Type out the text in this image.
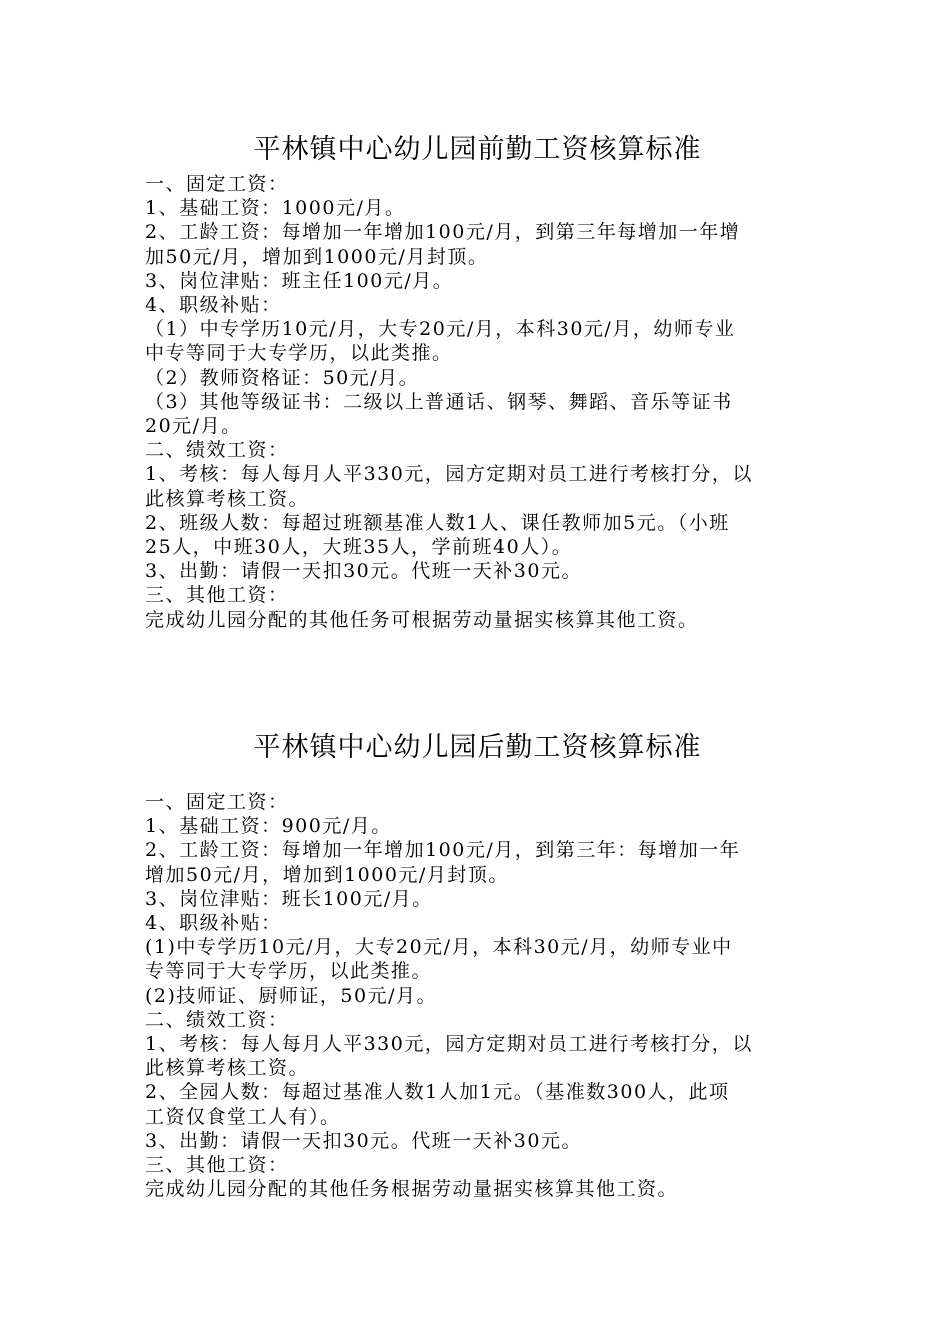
平林镇中心幼儿园前勤工资核算标准

一、固定工资：

1、基础工资：1000元/月。

2、工龄工资：每增加一年增加100元/月，到第三年每增加一年增

加50元/月，增加到1000元/月封顶。

3、岗位津贴：班主任100元/月。

4、职级补贴：

（1）中专学历10元/月，大专20元/月，本科30元/月，幼师专业

中专等同于大专学历，以此类推。

（2）教师资格证：50元/月。

（3）其他等级证书：二级以上普通话、钢琴、舞蹈、音乐等证书

20元/月。

二、绩效工资：

1、考核：每人每月人平330元，园方定期对员工进行考核打分，以

此核算考核工资。

2、班级人数：每超过班额基准人数1人、课任教师加5元。（小班

25人，中班30人，大班35人，学前班40人）。

3、出勤：请假一天扣30元。代班一天补30元。

三、其他工资：

完成幼儿园分配的其他任务可根据劳动量据实核算其他工资。

平林镇中心幼儿园后勤工资核算标准

一、固定工资：

1、基础工资：900元/月。

2、工龄工资：每增加一年增加100元/月，到第三年：每增加一年

增加50元/月，增加到1000元/月封顶。

3、岗位津贴：班长100元/月。

4、职级补贴：

(1)中专学历10元/月，大专20元/月，本科30元/月，幼师专业中

专等同于大专学历，以此类推。

(2)技师证、厨师证，50元/月。

二、绩效工资：

1、考核：每人每月人平330元，园方定期对员工进行考核打分，以

此核算考核工资。

2、全园人数：每超过基准人数1人加1元。（基准数300人，此项

工资仅食堂工人有）。

3、出勤：请假一天扣30元。代班一天补30元。

三、其他工资：

完成幼儿园分配的其他任务根据劳动量据实核算其他工资。
